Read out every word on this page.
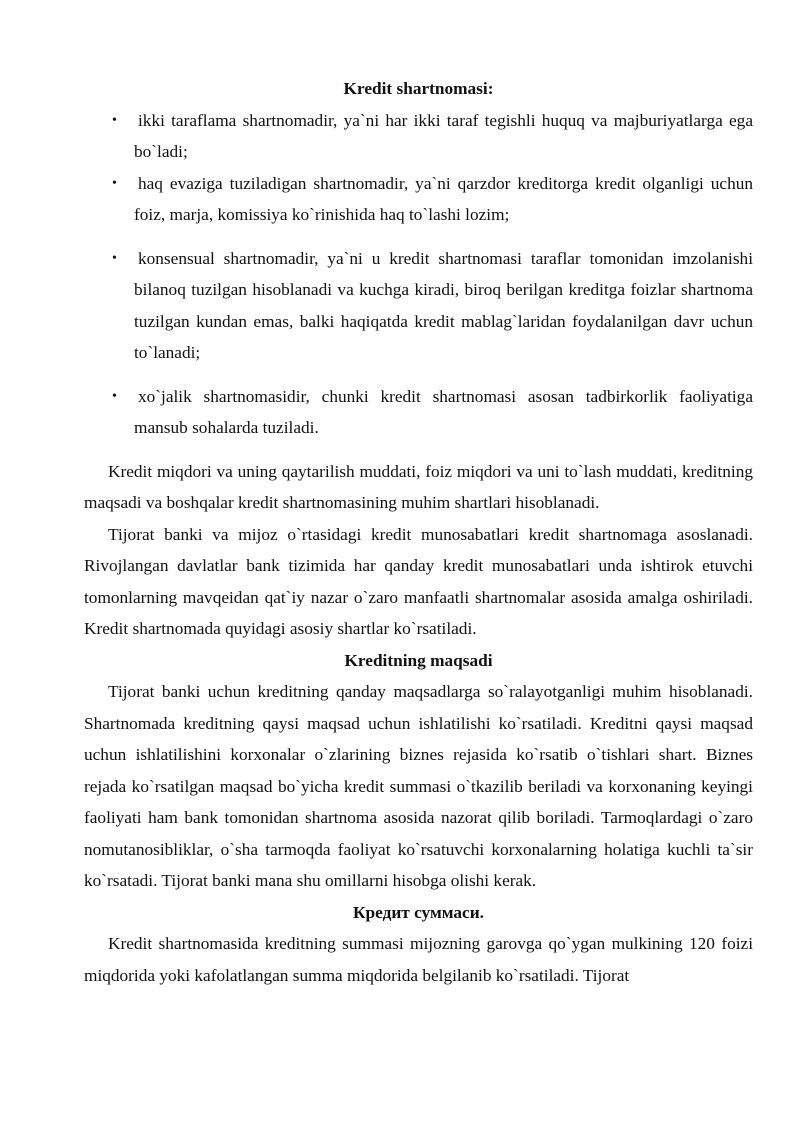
Kredit shartnomasi:

• ikki taraflama shartnomadir, ya`ni har ikki taraf tegishli huquq va majburiyatlarga ega bo`ladi;
• haq evaziga tuziladigan shartnomadir, ya`ni qarzdor kreditorga kredit olganligi uchun foiz, marja, komissiya ko`rinishida haq to`lashi lozim;
• konsensual shartnomadir, ya`ni u kredit shartnomasi taraflar tomonidan imzolanishi bilanoq tuzilgan hisoblanadi va kuchga kiradi, biroq berilgan kreditga foizlar shartnoma tuzilgan kundan emas, balki haqiqatda kredit mablag`laridan foydalanilgan davr uchun to`lanadi;
• xo`jalik shartnomasidir, chunki kredit shartnomasi asosan tadbirkorlik faoliyatiga mansub sohalarda tuziladi.

Kredit miqdori va uning qaytarilish muddati, foiz miqdori va uni to`lash muddati, kreditning maqsadi va boshqalar kredit shartnomasining muhim shartlari hisoblanadi.

Tijorat banki va mijoz o`rtasidagi kredit munosabatlari kredit shartnomaga asoslanadi. Rivojlangan davlatlar bank tizimida har qanday kredit munosabatlari unda ishtirok etuvchi tomonlarning mavqeidan qat`iy nazar o`zaro manfaatli shartnomalar asosida amalga oshiriladi. Kredit shartnomada quyidagi asosiy shartlar ko`rsatiladi.

Kreditning maqsadi

Tijorat banki uchun kreditning qanday maqsadlarga so`ralayotganligi muhim hisoblanadi. Shartnomada kreditning qaysi maqsad uchun ishlatilishi ko`rsatiladi. Kreditni qaysi maqsad uchun ishlatilishini korxonalar o`zlarining biznes rejasida ko`rsatib o`tishlari shart. Biznes rejada ko`rsatilgan maqsad bo`yicha kredit summasi o`tkazilib beriladi va korxonaning keyingi faoliyati ham bank tomonidan shartnoma asosida nazorat qilib boriladi. Tarmoqlardagi o`zaro nomutanosibliklar, o`sha tarmoqda faoliyat ko`rsatuvchi korxonalarning holatiga kuchli ta`sir ko`rsatadi. Tijorat banki mana shu omillarni hisobga olishi kerak.

Кредит суммаси.

Kredit shartnomasida kreditning summasi mijozning garovga qo`ygan mulkining 120 foizi miqdorida yoki kafolatlangan summa miqdorida belgilanib ko`rsatiladi. Tijorat
